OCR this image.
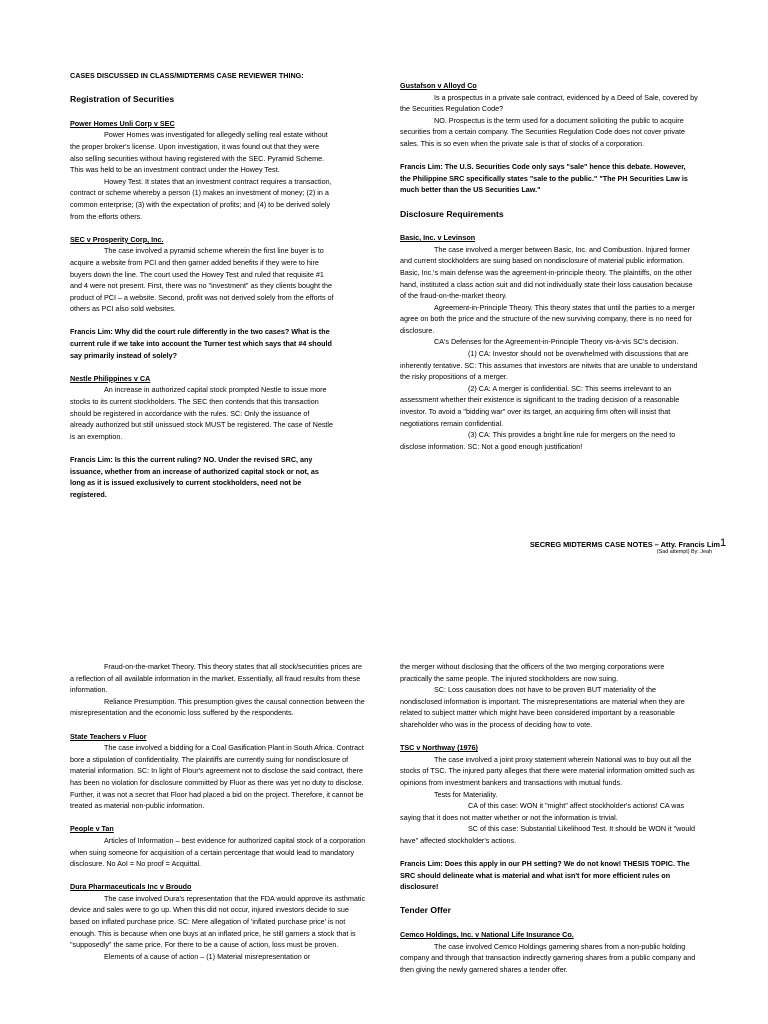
CASES DISCUSSED IN CLASS/MIDTERMS CASE REVIEWER THING:

Registration of Securities

Power Homes Unli Corp v SEC

Power Homes was investigated for allegedly selling real estate without the proper broker's license. Upon investigation, it was found out that they were also selling securities without having registered with the SEC. Pyramid Scheme. This was held to be an investment contract under the Howey Test.

Howey Test. It states that an investment contract requires a transaction, contract or scheme whereby a person (1) makes an investment of money; (2) in a common enterprise; (3) with the expectation of profits; and (4) to be derived solely from the efforts others.

SEC v Prosperity Corp, Inc.

The case involved a pyramid scheme wherein the first line buyer is to acquire a website from PCI and then garner added benefits if they were to hire buyers down the line. The court used the Howey Test and ruled that requisite #1 and 4 were not present. First, there was no "investment" as they clients bought the product of PCI – a website. Second, profit was not derived solely from the efforts of others as PCI also sold websites.

Francis Lim: Why did the court rule differently in the two cases? What is the current rule if we take into account the Turner test which says that #4 should say primarily instead of solely?

Nestle Philippines v CA

An increase in authorized capital stock prompted Nestle to issue more stocks to its current stockholders. The SEC then contends that this transaction should be registered in accordance with the rules. SC: Only the issuance of already authorized but still unissued stock MUST be registered. The case of Nestle is an exemption.

Francis Lim: Is this the current ruling? NO. Under the revised SRC, any issuance, whether from an increase of authorized capital stock or not, as long as it is issued exclusively to current stockholders, need not be registered.

Gustafson v Alloyd Co

Is a prospectus in a private sale contract, evidenced by a Deed of Sale, covered by the Securities Regulation Code?

NO. Prospectus is the term used for a document soliciting the public to acquire securities from a certain company. The Securities Regulation Code does not cover private sales. This is so even when the private sale is that of stocks of a corporation.

Francis Lim: The U.S. Securities Code only says "sale" hence this debate. However, the Philippine SRC specifically states "sale to the public." "The PH Securities Law is much better than the US Securities Law."

Disclosure Requirements

Basic, Inc. v Levinson

The case involved a merger between Basic, Inc. and Combustion. Injured former and current stockholders are suing based on nondisclosure of material public information. Basic, Inc.'s main defense was the agreement-in-principle theory. The plaintiffs, on the other hand, instituted a class action suit and did not individually state their loss causation because of the fraud-on-the-market theory.

Agreement-in-Principle Theory. This theory states that until the parties to a merger agree on both the price and the structure of the new surviving company, there is no need for disclosure.

CA's Defenses for the Agreement-in-Principle Theory vis-à-vis SC's decision.

(1) CA: Investor should not be overwhelmed with discussions that are inherently tentative. SC: This assumes that investors are nitwits that are unable to understand the risky propositions of a merger.

(2) CA: A merger is confidential. SC: This seems irrelevant to an assessment whether their existence is significant to the trading decision of a reasonable investor. To avoid a "bidding war" over its target, an acquiring firm often will insist that negotiations remain confidential.

(3) CA: This provides a bright line rule for mergers on the need to disclose information. SC: Not a good enough justification!

SECREG MIDTERMS CASE NOTES – Atty. Francis Lim 1
(Sad attempt) By: Jeah

Fraud-on-the-market Theory. This theory states that all stock/securities prices are a reflection of all available information in the market. Essentially, all fraud results from these information.

Reliance Presumption. This presumption gives the causal connection between the misrepresentation and the economic loss suffered by the respondents.

State Teachers v Fluor

The case involved a bidding for a Coal Gasification Plant in South Africa. Contract bore a stipulation of confidentiality. The plaintiffs are currently suing for nondisclosure of material information. SC: In light of Flour's agreement not to disclose the said contract, there has been no violation for disclosure committed by Fluor as there was yet no duty to disclose. Further, it was not a secret that Floor had placed a bid on the project. Therefore, it cannot be treated as material non-public information.

People v Tan

Articles of Information – best evidence for authorized capital stock of a corporation when suing someone for acquisition of a certain percentage that would lead to mandatory disclosure. No AoI = No proof = Acquittal.

Dura Pharmaceuticals Inc v Broudo

The case involved Dura's representation that the FDA would approve its asthmatic device and sales were to go up. When this did not occur, injured investors decide to sue based on inflated purchase price. SC: Mere allegation of 'inflated purchase price' is not enough. This is because when one buys at an inflated price, he still garners a stock that is "supposedly" the same price. For there to be a cause of action, loss must be proven.

Elements of a cause of action – (1) Material misrepresentation or

the merger without disclosing that the officers of the two merging corporations were practically the same people. The injured stockholders are now suing.

SC: Loss causation does not have to be proven BUT materiality of the nondisclosed information is important. The misrepresentations are material when they are related to subject matter which might have been considered important by a reasonable shareholder who was in the process of deciding how to vote.

TSC v Northway (1976)

The case involved a joint proxy statement wherein National was to buy out all the stocks of TSC. The injured party alleges that there were material information omitted such as opinions from investment bankers and transactions with mutual funds.

Tests for Materiality.

CA of this case: WON it "might" affect stockholder's actions! CA was saying that it does not matter whether or not the information is trivial.

SC of this case: Substantial Likelihood Test. It should be WON it "would have" affected stockholder's actions.

Francis Lim: Does this apply in our PH setting? We do not know! THESIS TOPIC. The SRC should delineate what is material and what isn't for more efficient rules on disclosure!

Tender Offer

Cemco Holdings, Inc. v National Life Insurance Co.

The case involved Cemco Holdings garnering shares from a non-public holding company and through that transaction indirectly garnering shares from a public company and then giving the newly garnered shares a tender offer.
